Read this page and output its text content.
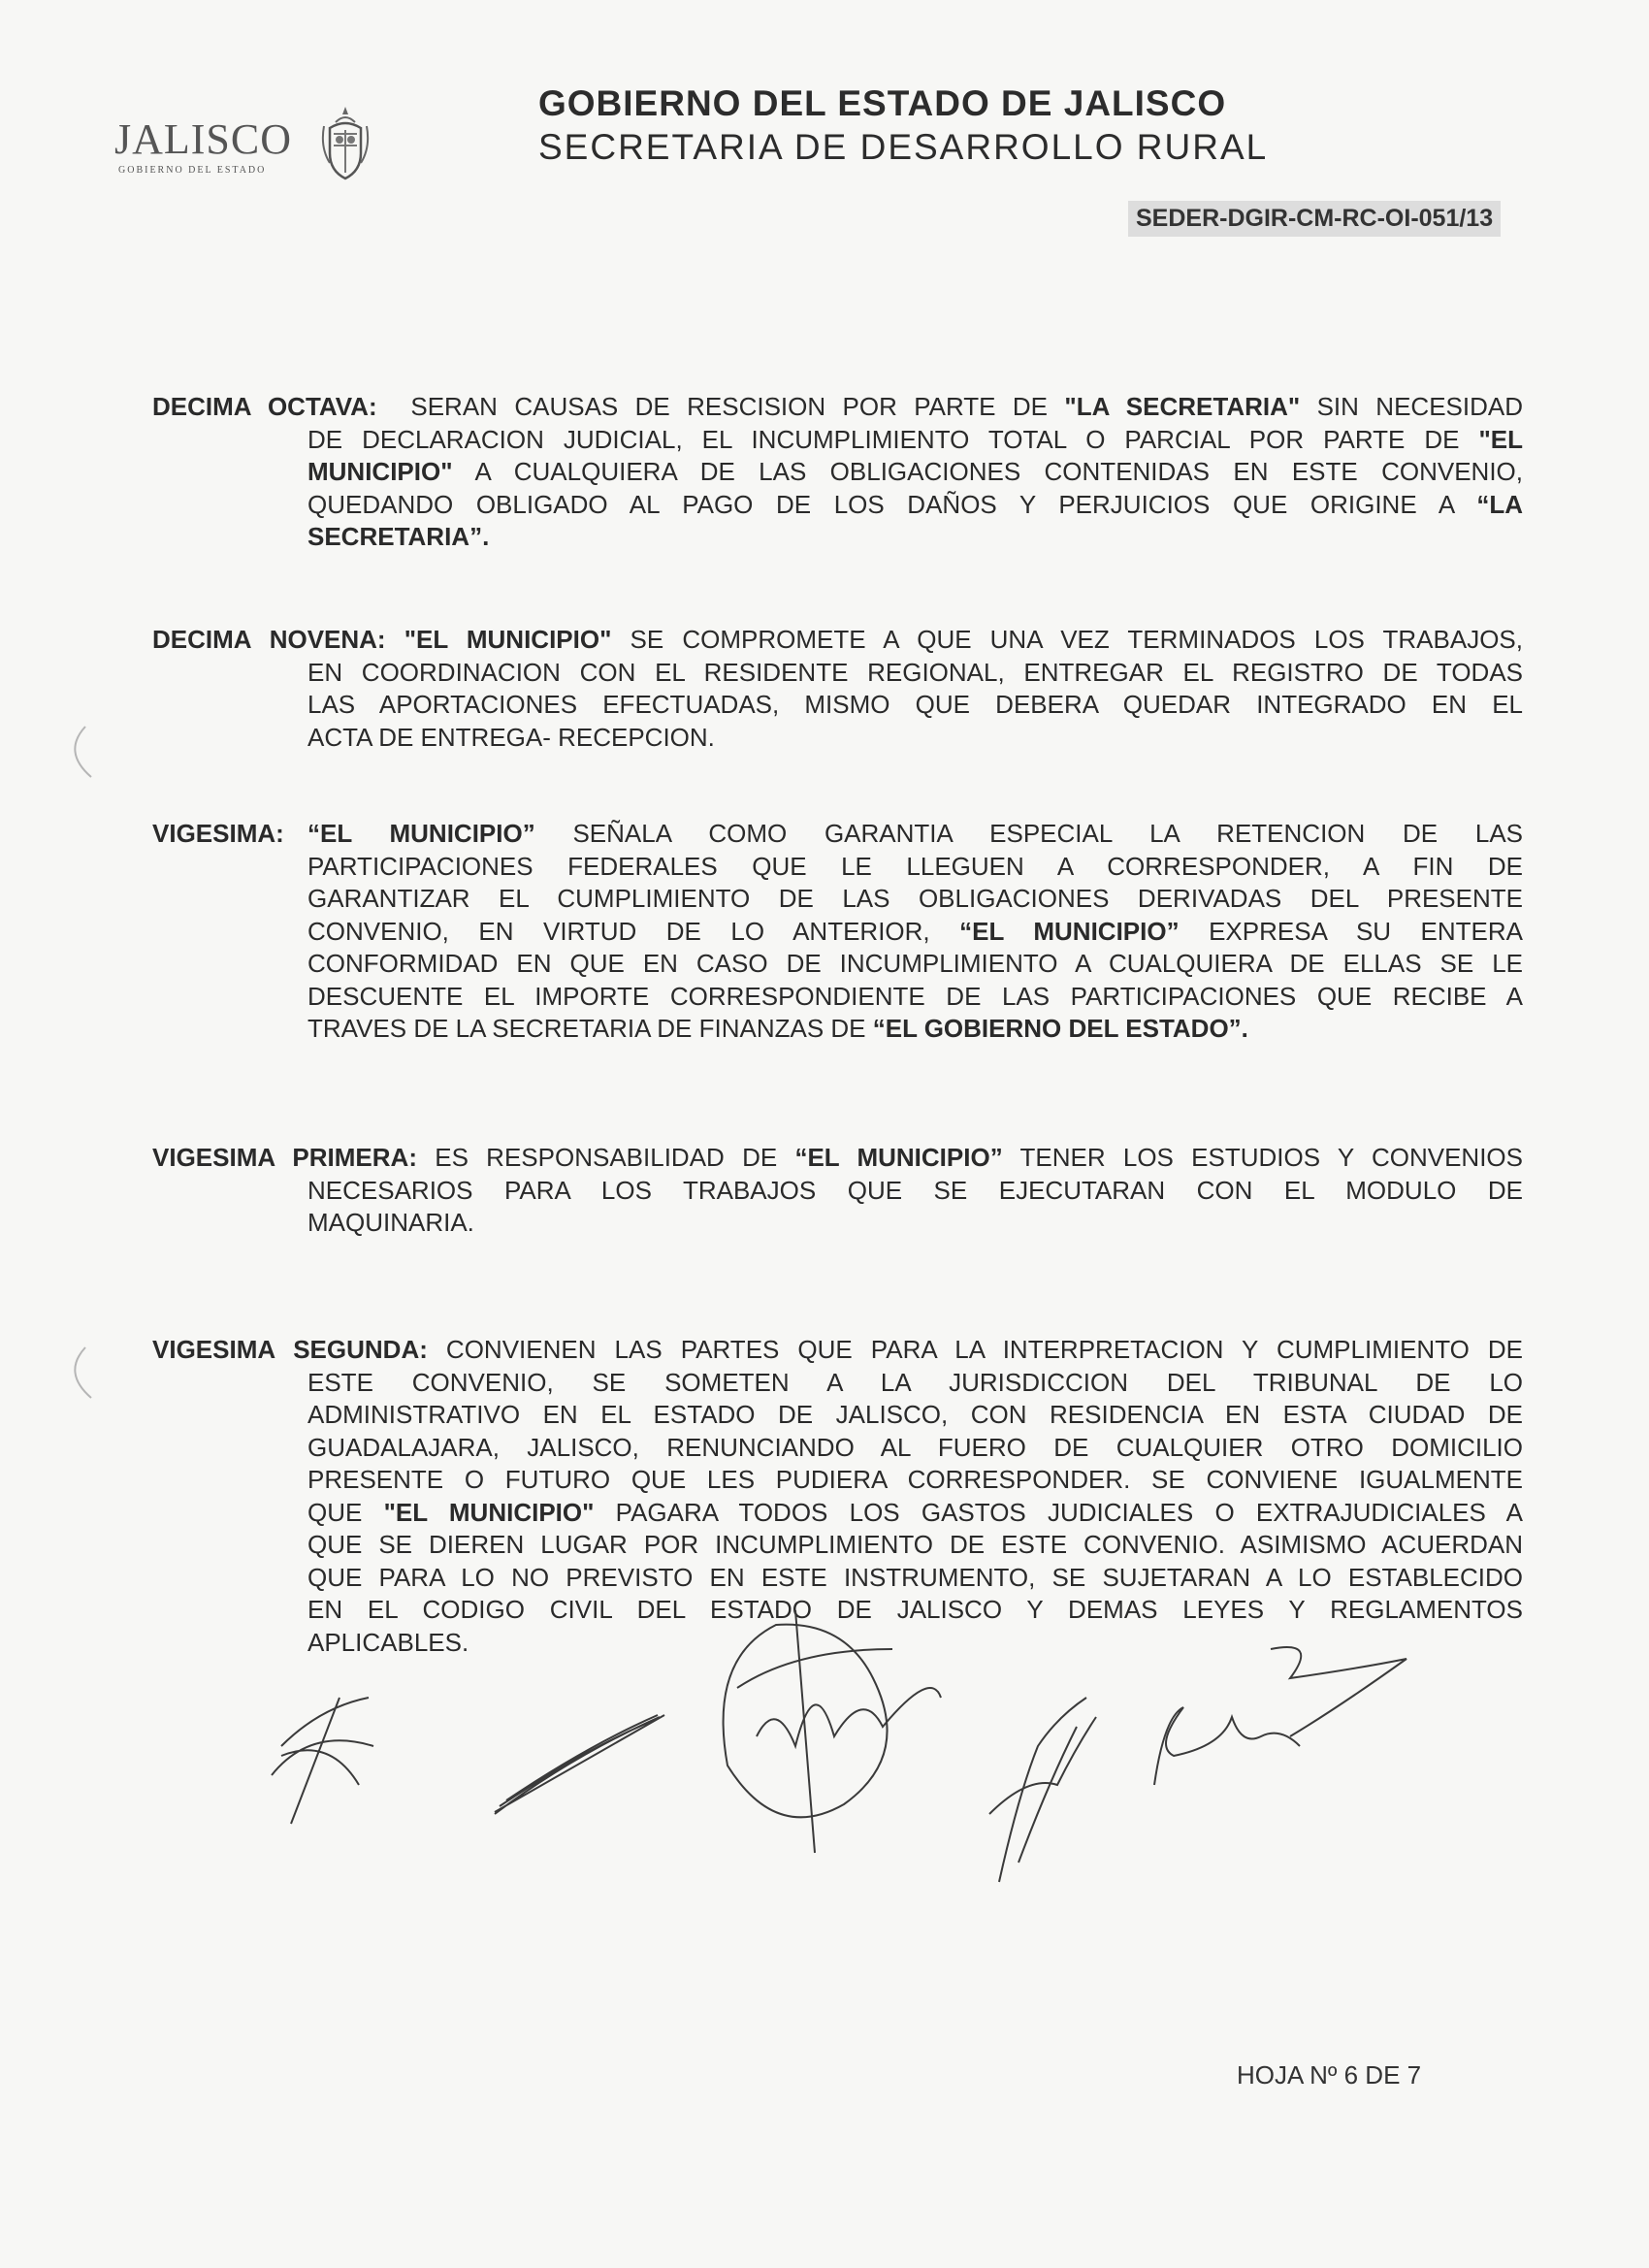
JALISCO
GOBIERNO DEL ESTADO
GOBIERNO DEL ESTADO DE JALISCO
SECRETARIA DE DESARROLLO RURAL
SEDER-DGIR-CM-RC-OI-051/13
DECIMA OCTAVA: SERAN CAUSAS DE RESCISION POR PARTE DE "LA SECRETARIA" SIN NECESIDAD
DE DECLARACION JUDICIAL, EL INCUMPLIMIENTO TOTAL O PARCIAL POR PARTE DE "EL
MUNICIPIO" A CUALQUIERA DE LAS OBLIGACIONES CONTENIDAS EN ESTE CONVENIO,
QUEDANDO OBLIGADO AL PAGO DE LOS DAÑOS Y PERJUICIOS QUE ORIGINE A “LA
SECRETARIA”.
DECIMA NOVENA: "EL MUNICIPIO" SE COMPROMETE A QUE UNA VEZ TERMINADOS LOS TRABAJOS,
EN COORDINACION CON EL RESIDENTE REGIONAL, ENTREGAR EL REGISTRO DE TODAS
LAS APORTACIONES EFECTUADAS, MISMO QUE DEBERA QUEDAR INTEGRADO EN EL
ACTA DE ENTREGA- RECEPCION.
VIGESIMA: “EL MUNICIPIO” SEÑALA COMO GARANTIA ESPECIAL LA RETENCION DE LAS
PARTICIPACIONES FEDERALES QUE LE LLEGUEN A CORRESPONDER, A FIN DE
GARANTIZAR EL CUMPLIMIENTO DE LAS OBLIGACIONES DERIVADAS DEL PRESENTE
CONVENIO, EN VIRTUD DE LO ANTERIOR, “EL MUNICIPIO” EXPRESA SU ENTERA
CONFORMIDAD EN QUE EN CASO DE INCUMPLIMIENTO A CUALQUIERA DE ELLAS SE LE
DESCUENTE EL IMPORTE CORRESPONDIENTE DE LAS PARTICIPACIONES QUE RECIBE A
TRAVES DE LA SECRETARIA DE FINANZAS DE “EL GOBIERNO DEL ESTADO”.
VIGESIMA PRIMERA: ES RESPONSABILIDAD DE “EL MUNICIPIO” TENER LOS ESTUDIOS Y CONVENIOS
NECESARIOS PARA LOS TRABAJOS QUE SE EJECUTARAN CON EL MODULO DE
MAQUINARIA.
VIGESIMA SEGUNDA: CONVIENEN LAS PARTES QUE PARA LA INTERPRETACION Y CUMPLIMIENTO DE
ESTE CONVENIO, SE SOMETEN A LA JURISDICCION DEL TRIBUNAL DE LO
ADMINISTRATIVO EN EL ESTADO DE JALISCO, CON RESIDENCIA EN ESTA CIUDAD DE
GUADALAJARA, JALISCO, RENUNCIANDO AL FUERO DE CUALQUIER OTRO DOMICILIO
PRESENTE O FUTURO QUE LES PUDIERA CORRESPONDER. SE CONVIENE IGUALMENTE
QUE "EL MUNICIPIO" PAGARA TODOS LOS GASTOS JUDICIALES O EXTRAJUDICIALES A
QUE SE DIEREN LUGAR POR INCUMPLIMIENTO DE ESTE CONVENIO. ASIMISMO ACUERDAN
QUE PARA LO NO PREVISTO EN ESTE INSTRUMENTO, SE SUJETARAN A LO ESTABLECIDO
EN EL CODIGO CIVIL DEL ESTADO DE JALISCO Y DEMAS LEYES Y REGLAMENTOS
APLICABLES.
HOJA Nº 6 DE 7
